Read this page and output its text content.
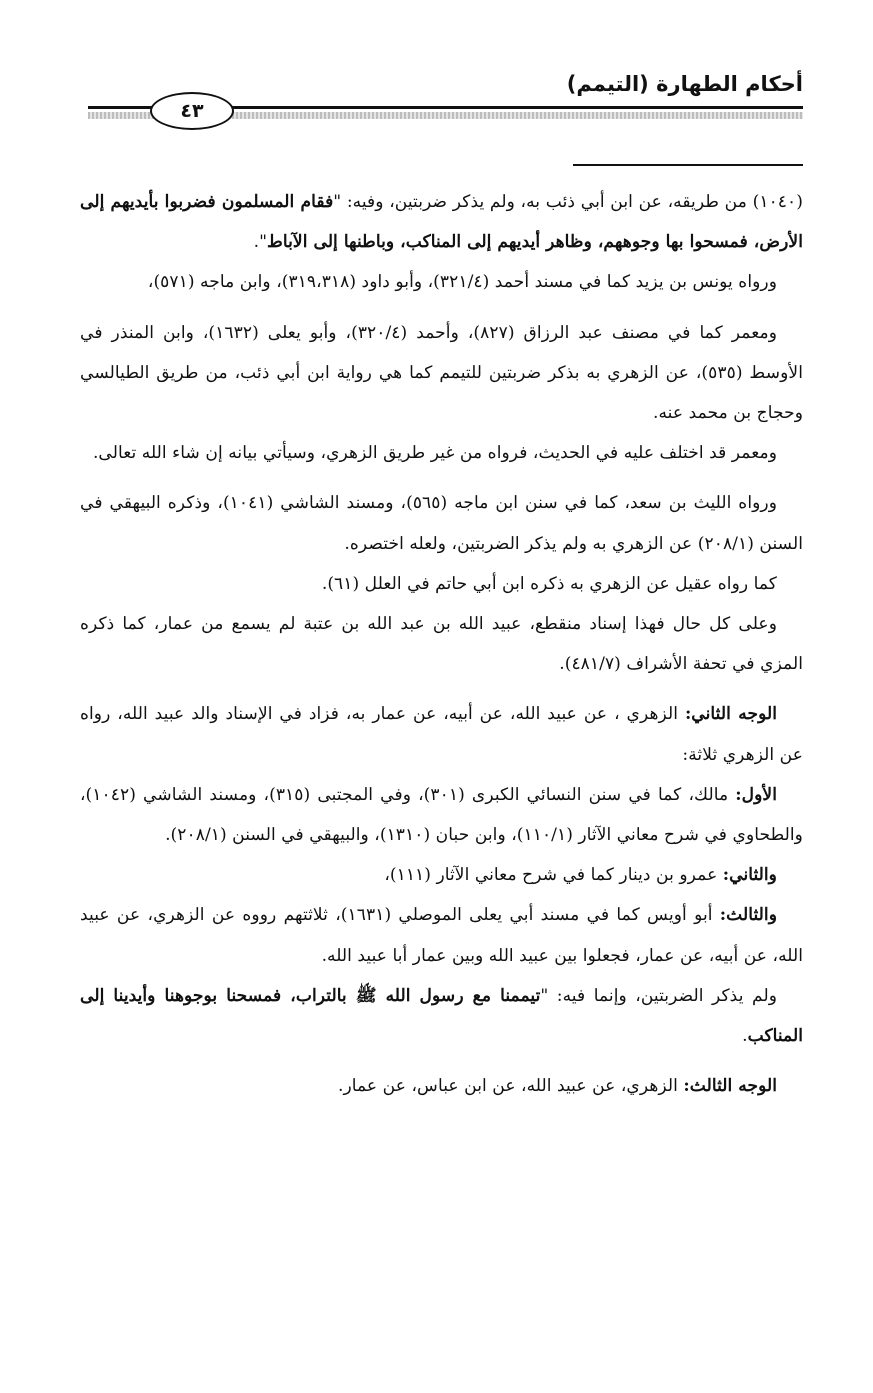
أحكام الطهارة (التيمم)
٤٣

(١٠٤٠) من طريقه، عن ابن أبي ذئب به، ولم يذكر ضربتين، وفيه: "فقام المسلمون فضربوا بأيديهم إلى الأرض، فمسحوا بها وجوههم، وظاهر أيديهم إلى المناكب، وباطنها إلى الآباط".

ورواه يونس بن يزيد كما في مسند أحمد (٣٢١/٤)، وأبو داود (٣١٩،٣١٨)، وابن ماجه (٥٧١)،

ومعمر كما في مصنف عبد الرزاق (٨٢٧)، وأحمد (٣٢٠/٤)، وأبو يعلى (١٦٣٢)، وابن المنذر في الأوسط (٥٣٥)، عن الزهري به بذكر ضربتين للتيمم كما هي رواية ابن أبي ذئب، من طريق الطيالسي وحجاج بن محمد عنه.

ومعمر قد اختلف عليه في الحديث، فرواه من غير طريق الزهري، وسيأتي بيانه إن شاء الله تعالى.

ورواه الليث بن سعد، كما في سنن ابن ماجه (٥٦٥)، ومسند الشاشي (١٠٤١)، وذكره البيهقي في السنن (٢٠٨/١) عن الزهري به ولم يذكر الضربتين، ولعله اختصره.

كما رواه عقيل عن الزهري به ذكره ابن أبي حاتم في العلل (٦١).

وعلى كل حال فهذا إسناد منقطع، عبيد الله بن عبد الله بن عتبة لم يسمع من عمار، كما ذكره المزي في تحفة الأشراف (٤٨١/٧).

الوجه الثاني: الزهري ، عن عبيد الله، عن أبيه، عن عمار به، فزاد في الإسناد والد عبيد الله، رواه عن الزهري ثلاثة:

الأول: مالك، كما في سنن النسائي الكبرى (٣٠١)، وفي المجتبى (٣١٥)، ومسند الشاشي (١٠٤٢)، والطحاوي في شرح معاني الآثار (١١٠/١)، وابن حبان (١٣١٠)، والبيهقي في السنن (٢٠٨/١).

والثاني: عمرو بن دينار كما في شرح معاني الآثار (١١١)،

والثالث: أبو أويس كما في مسند أبي يعلى الموصلي (١٦٣١)، ثلاثتهم رووه عن الزهري، عن عبيد الله، عن أبيه، عن عمار، فجعلوا بين عبيد الله وبين عمار أبا عبيد الله.

ولم يذكر الضربتين، وإنما فيه: "تيممنا مع رسول الله ﷺ بالتراب، فمسحنا بوجوهنا وأيدينا إلى المناكب.

الوجه الثالث: الزهري، عن عبيد الله، عن ابن عباس، عن عمار.
